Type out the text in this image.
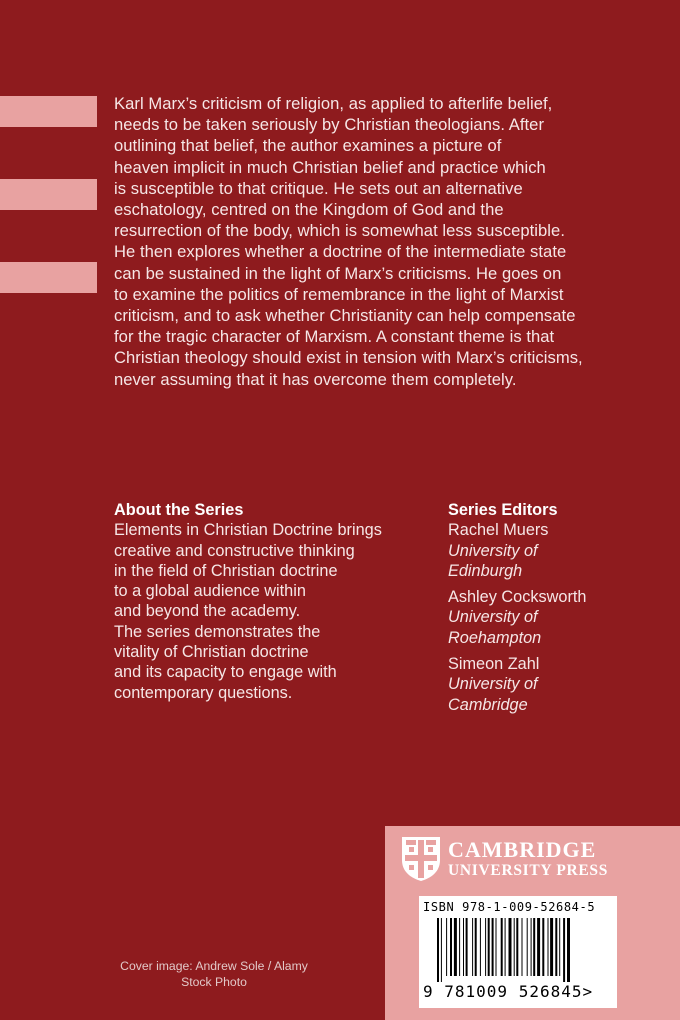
Karl Marx’s criticism of religion, as applied to afterlife belief,
needs to be taken seriously by Christian theologians. After
outlining that belief, the author examines a picture of
heaven implicit in much Christian belief and practice which
is susceptible to that critique. He sets out an alternative
eschatology, centred on the Kingdom of God and the
resurrection of the body, which is somewhat less susceptible.
He then explores whether a doctrine of the intermediate state
can be sustained in the light of Marx’s criticisms. He goes on
to examine the politics of remembrance in the light of Marxist
criticism, and to ask whether Christianity can help compensate
for the tragic character of Marxism. A constant theme is that
Christian theology should exist in tension with Marx’s criticisms,
never assuming that it has overcome them completely.
About the Series
Elements in Christian Doctrine brings
creative and constructive thinking
in the field of Christian doctrine
to a global audience within
and beyond the academy.
The series demonstrates the
vitality of Christian doctrine
and its capacity to engage with
contemporary questions.
Series Editors
Rachel Muers
University of
Edinburgh
Ashley Cocksworth
University of
Roehampton
Simeon Zahl
University of
Cambridge
Cover image: Andrew Sole / Alamy
Stock Photo
CAMBRIDGE
UNIVERSITY PRESS
ISBN 978-1-009-52684-5
9 781009 526845>
